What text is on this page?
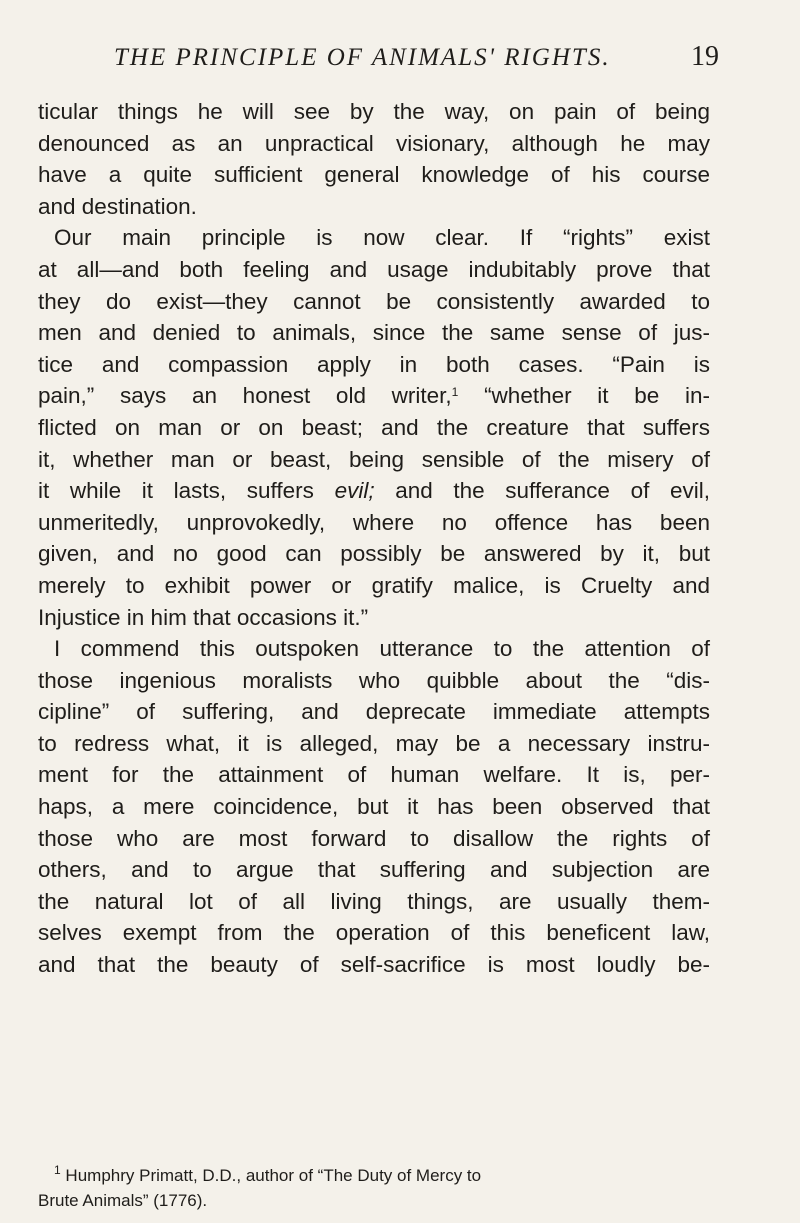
THE PRINCIPLE OF ANIMALS' RIGHTS.	19
ticular things he will see by the way, on pain of being
denounced as an unpractical visionary, although he may
have a quite sufficient general knowledge of his course
and destination.
Our main principle is now clear. If “rights” exist
at all—and both feeling and usage indubitably prove that
they do exist—they cannot be consistently awarded to
men and denied to animals, since the same sense of jus-
tice and compassion apply in both cases. “Pain is
pain,” says an honest old writer,$^1$ “whether it be in-
flicted on man or on beast; and the creature that suffers
it, whether man or beast, being sensible of the misery of
it while it lasts, suffers evil; and the sufferance of evil,
unmeritedly, unprovokedly, where no offence has been
given, and no good can possibly be answered by it, but
merely to exhibit power or gratify malice, is Cruelty and
Injustice in him that occasions it.”
I commend this outspoken utterance to the attention of
those ingenious moralists who quibble about the “dis-
cipline” of suffering, and deprecate immediate attempts
to redress what, it is alleged, may be a necessary instru-
ment for the attainment of human welfare. It is, per-
haps, a mere coincidence, but it has been observed that
those who are most forward to disallow the rights of
others, and to argue that suffering and subjection are
the natural lot of all living things, are usually them-
selves exempt from the operation of this beneficent law,
and that the beauty of self-sacrifice is most loudly be-
$^1$ Humphry Primatt, D.D., author of “The Duty of Mercy to
Brute Animals” (1776).
